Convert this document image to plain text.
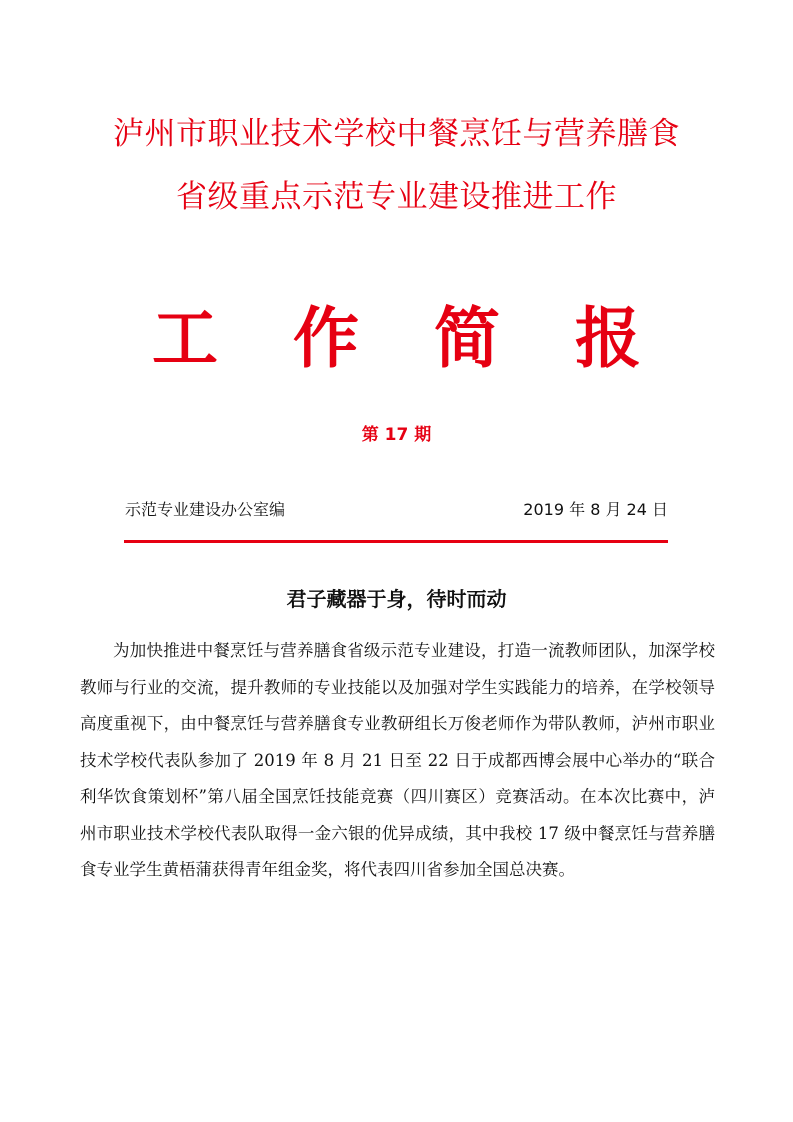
泸州市职业技术学校中餐烹饪与营养膳食
省级重点示范专业建设推进工作
工 作 简 报
第 17 期
示范专业建设办公室编	2019 年 8 月 24 日
君子藏器于身，待时而动

为加快推进中餐烹饪与营养膳食省级示范专业建设，打造一流教师团队，加深学校教师与行业的交流，提升教师的专业技能以及加强对学生实践能力的培养，在学校领导高度重视下，由中餐烹饪与营养膳食专业教研组长万俊老师作为带队教师，泸州市职业技术学校代表队参加了 2019 年 8 月 21 日至 22 日于成都西博会展中心举办的“联合利华饮食策划杯”第八届全国烹饪技能竞赛（四川赛区）竞赛活动。在本次比赛中，泸州市职业技术学校代表队取得一金六银的优异成绩，其中我校 17 级中餐烹饪与营养膳食专业学生黄梧蒲获得青年组金奖，将代表四川省参加全国总决赛。
